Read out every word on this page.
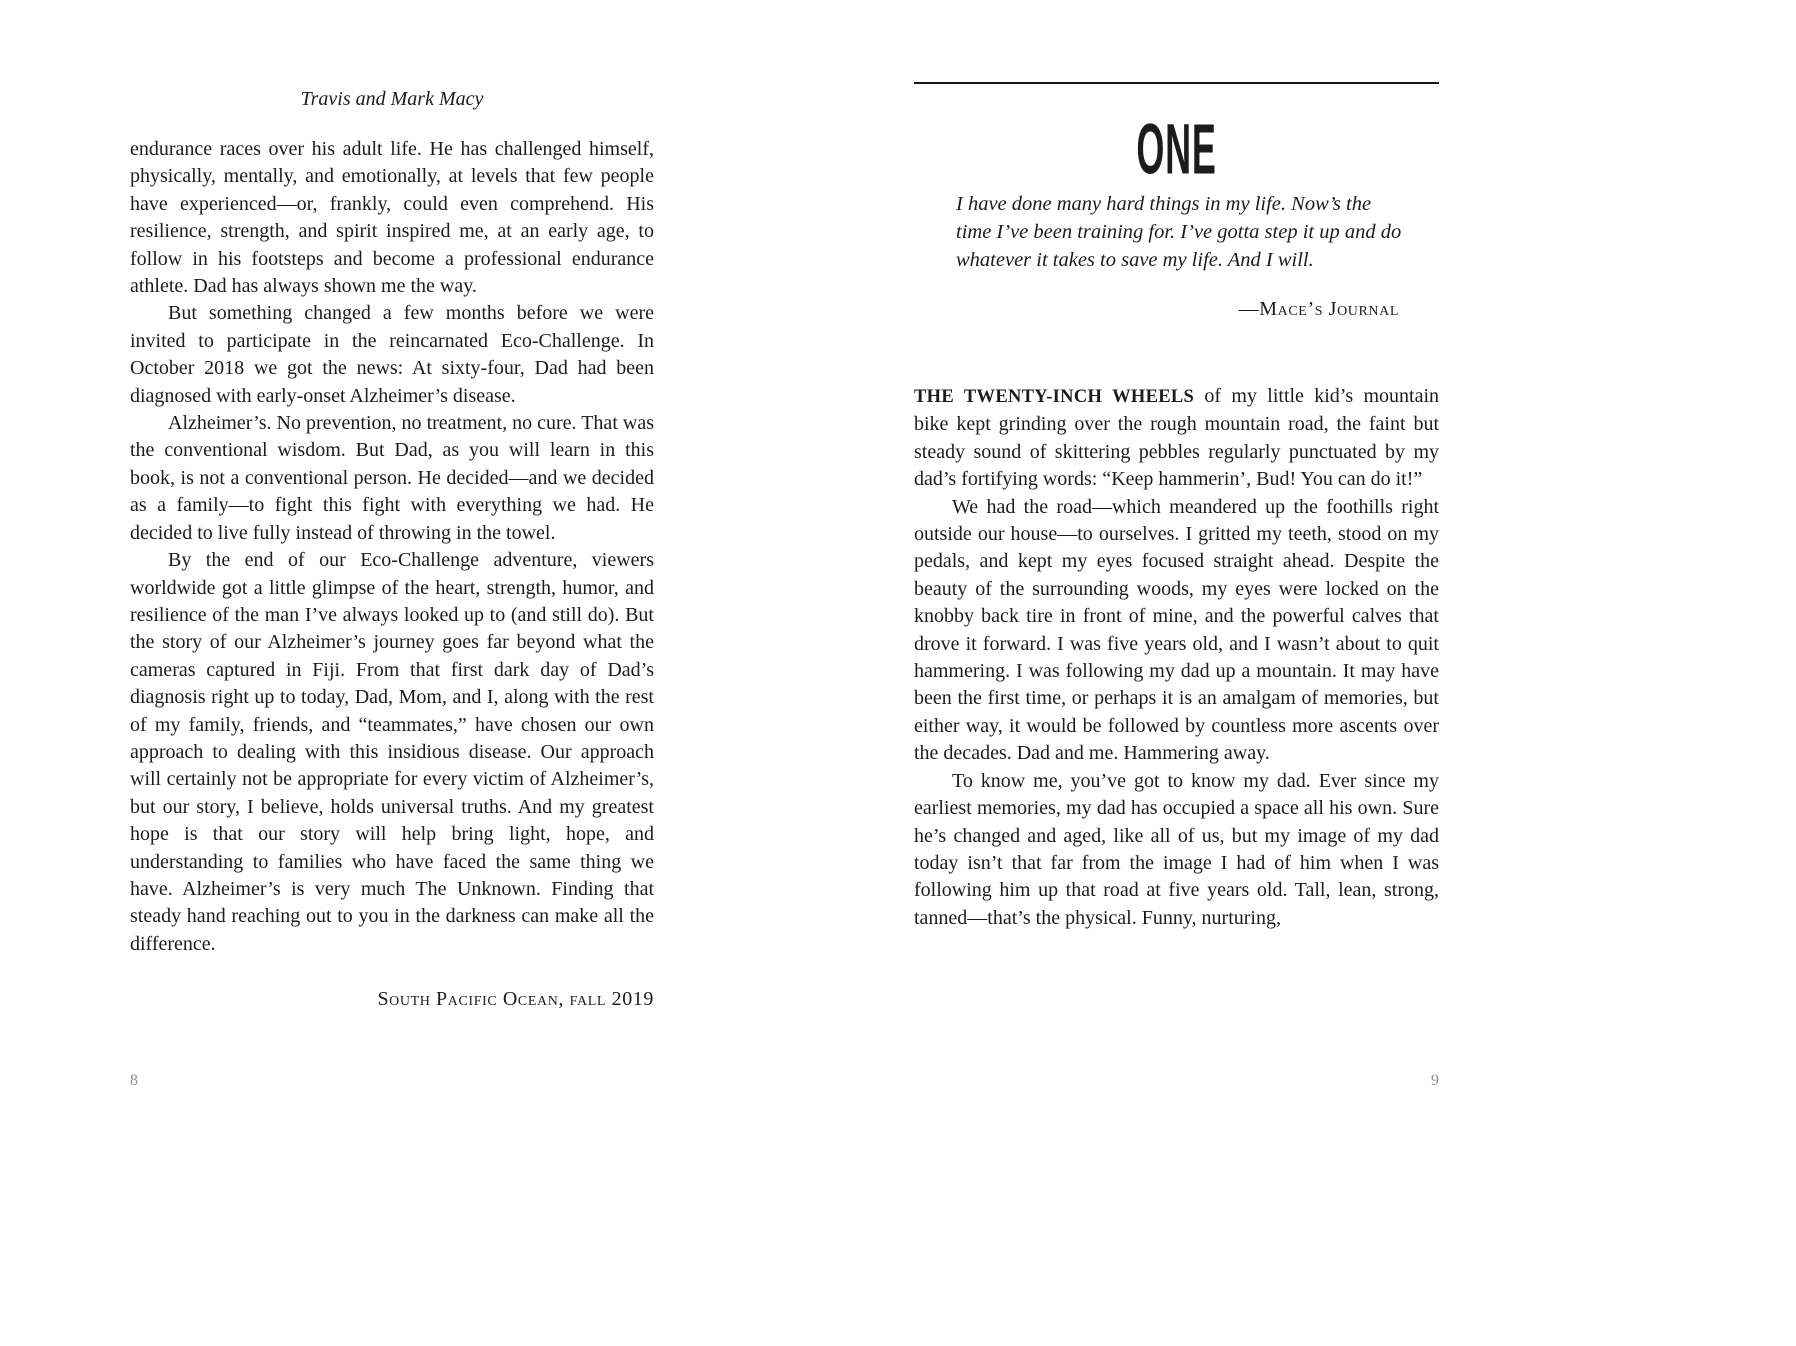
Travis and Mark Macy

endurance races over his adult life. He has challenged himself, physically, mentally, and emotionally, at levels that few people have experienced—or, frankly, could even comprehend. His resilience, strength, and spirit inspired me, at an early age, to follow in his footsteps and become a professional endurance athlete. Dad has always shown me the way.

But something changed a few months before we were invited to participate in the reincarnated Eco-Challenge. In October 2018 we got the news: At sixty-four, Dad had been diagnosed with early-onset Alzheimer’s disease.

Alzheimer’s. No prevention, no treatment, no cure. That was the conventional wisdom. But Dad, as you will learn in this book, is not a conventional person. He decided—and we decided as a family—to fight this fight with everything we had. He decided to live fully instead of throwing in the towel.

By the end of our Eco-Challenge adventure, viewers worldwide got a little glimpse of the heart, strength, humor, and resilience of the man I’ve always looked up to (and still do). But the story of our Alzheimer’s journey goes far beyond what the cameras captured in Fiji. From that first dark day of Dad’s diagnosis right up to today, Dad, Mom, and I, along with the rest of my family, friends, and “teammates,” have chosen our own approach to dealing with this insidious disease. Our approach will certainly not be appropriate for every victim of Alzheimer’s, but our story, I believe, holds universal truths. And my greatest hope is that our story will help bring light, hope, and understanding to families who have faced the same thing we have. Alzheimer’s is very much The Unknown. Finding that steady hand reaching out to you in the darkness can make all the difference.

South Pacific Ocean, fall 2019
ONE
I have done many hard things in my life. Now’s the time I’ve been training for. I’ve gotta step it up and do whatever it takes to save my life. And I will.
—Mace’s Journal

THE TWENTY-INCH WHEELS of my little kid’s mountain bike kept grinding over the rough mountain road, the faint but steady sound of skittering pebbles regularly punctuated by my dad’s fortifying words: “Keep hammerin’, Bud! You can do it!”

We had the road—which meandered up the foothills right outside our house—to ourselves. I gritted my teeth, stood on my pedals, and kept my eyes focused straight ahead. Despite the beauty of the surrounding woods, my eyes were locked on the knobby back tire in front of mine, and the powerful calves that drove it forward. I was five years old, and I wasn’t about to quit hammering. I was following my dad up a mountain. It may have been the first time, or perhaps it is an amalgam of memories, but either way, it would be followed by countless more ascents over the decades. Dad and me. Hammering away.

To know me, you’ve got to know my dad. Ever since my earliest memories, my dad has occupied a space all his own. Sure he’s changed and aged, like all of us, but my image of my dad today isn’t that far from the image I had of him when I was following him up that road at five years old. Tall, lean, strong, tanned—that’s the physical. Funny, nurturing,

8	9
